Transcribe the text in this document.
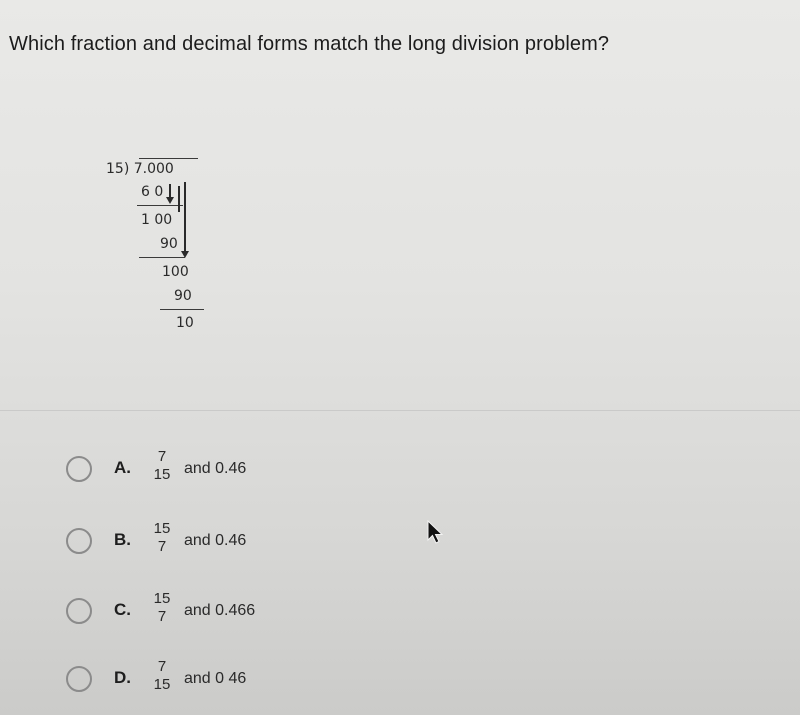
Which fraction and decimal forms match the long division problem?
15) 7.000
6 0
1 00
90
100
90
10
A.
7
15 and 0.46
B.
15
7	and 0.46
C.
15
7	and 0.466
D.
7
15 and 0 46
